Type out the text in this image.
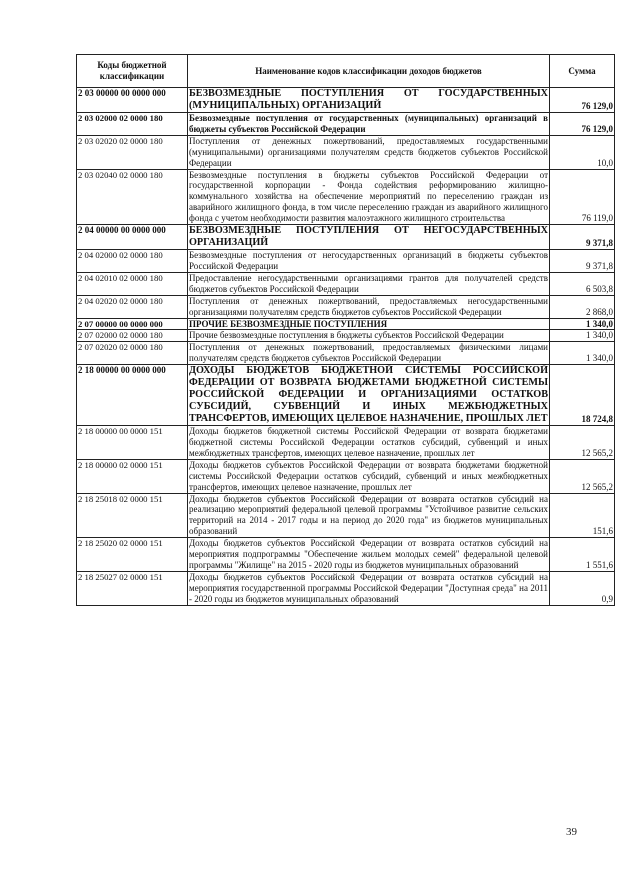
Коды бюджетной классификации	Наименование кодов классификации доходов бюджетов	Сумма
2 03 00000 00 0000 000	БЕЗВОЗМЕЗДНЫЕ ПОСТУПЛЕНИЯ ОТ ГОСУДАРСТВЕННЫХ (МУНИЦИПАЛЬНЫХ) ОРГАНИЗАЦИЙ	76 129,0
2 03 02000 02 0000 180	Безвозмездные поступления от государственных (муниципальных) организаций в бюджеты субъектов Российской Федерации	76 129,0
2 03 02020 02 0000 180	Поступления от денежных пожертвований, предоставляемых государственными (муниципальными) организациями получателям средств бюджетов субъектов Российской Федерации	10,0
2 03 02040 02 0000 180	Безвозмездные поступления в бюджеты субъектов Российской Федерации от государственной корпорации - Фонда содействия реформированию жилищно-коммунального хозяйства на обеспечение мероприятий по переселению граждан из аварийного жилищного фонда, в том числе переселению граждан из аварийного жилищного фонда с учетом необходимости развития малоэтажного жилищного строительства	76 119,0
2 04 00000 00 0000 000	БЕЗВОЗМЕЗДНЫЕ ПОСТУПЛЕНИЯ ОТ НЕГОСУДАРСТВЕННЫХ ОРГАНИЗАЦИЙ	9 371,8
2 04 02000 02 0000 180	Безвозмездные поступления от негосударственных организаций в бюджеты субъектов Российской Федерации	9 371,8
2 04 02010 02 0000 180	Предоставление негосударственными организациями грантов для получателей средств бюджетов субъектов Российской Федерации	6 503,8
2 04 02020 02 0000 180	Поступления от денежных пожертвований, предоставляемых негосударственными организациями получателям средств бюджетов субъектов Российской Федерации	2 868,0
2 07 00000 00 0000 000	ПРОЧИЕ БЕЗВОЗМЕЗДНЫЕ ПОСТУПЛЕНИЯ	1 340,0
2 07 02000 02 0000 180	Прочие безвозмездные поступления в бюджеты субъектов Российской Федерации	1 340,0
2 07 02020 02 0000 180	Поступления от денежных пожертвований, предоставляемых физическими лицами получателям средств бюджетов субъектов Российской Федерации	1 340,0
2 18 00000 00 0000 000	ДОХОДЫ БЮДЖЕТОВ БЮДЖЕТНОЙ СИСТЕМЫ РОССИЙСКОЙ ФЕДЕРАЦИИ ОТ ВОЗВРАТА БЮДЖЕТАМИ БЮДЖЕТНОЙ СИСТЕМЫ РОССИЙСКОЙ ФЕДЕРАЦИИ И ОРГАНИЗАЦИЯМИ ОСТАТКОВ СУБСИДИЙ, СУБВЕНЦИЙ И ИНЫХ МЕЖБЮДЖЕТНЫХ ТРАНСФЕРТОВ, ИМЕЮЩИХ ЦЕЛЕВОЕ НАЗНАЧЕНИЕ, ПРОШЛЫХ ЛЕТ	18 724,8
2 18 00000 00 0000 151	Доходы бюджетов бюджетной системы Российской Федерации от возврата бюджетами бюджетной системы Российской Федерации остатков субсидий, субвенций и иных межбюджетных трансфертов, имеющих целевое назначение, прошлых лет	12 565,2
2 18 00000 02 0000 151	Доходы бюджетов субъектов Российской Федерации от возврата бюджетами бюджетной системы Российской Федерации остатков субсидий, субвенций и иных межбюджетных трансфертов, имеющих целевое назначение, прошлых лет	12 565,2
2 18 25018 02 0000 151	Доходы бюджетов субъектов Российской Федерации от возврата остатков субсидий на реализацию мероприятий федеральной целевой программы "Устойчивое развитие сельских территорий на 2014 - 2017 годы и на период до 2020 года" из бюджетов муниципальных образований	151,6
2 18 25020 02 0000 151	Доходы бюджетов субъектов Российской Федерации от возврата остатков субсидий на мероприятия подпрограммы "Обеспечение жильем молодых семей" федеральной целевой программы "Жилище" на 2015 - 2020 годы из бюджетов муниципальных образований	1 551,6
2 18 25027 02 0000 151	Доходы бюджетов субъектов Российской Федерации от возврата остатков субсидий на мероприятия государственной программы Российской Федерации "Доступная среда" на 2011 - 2020 годы из бюджетов муниципальных образований	0,9
39
